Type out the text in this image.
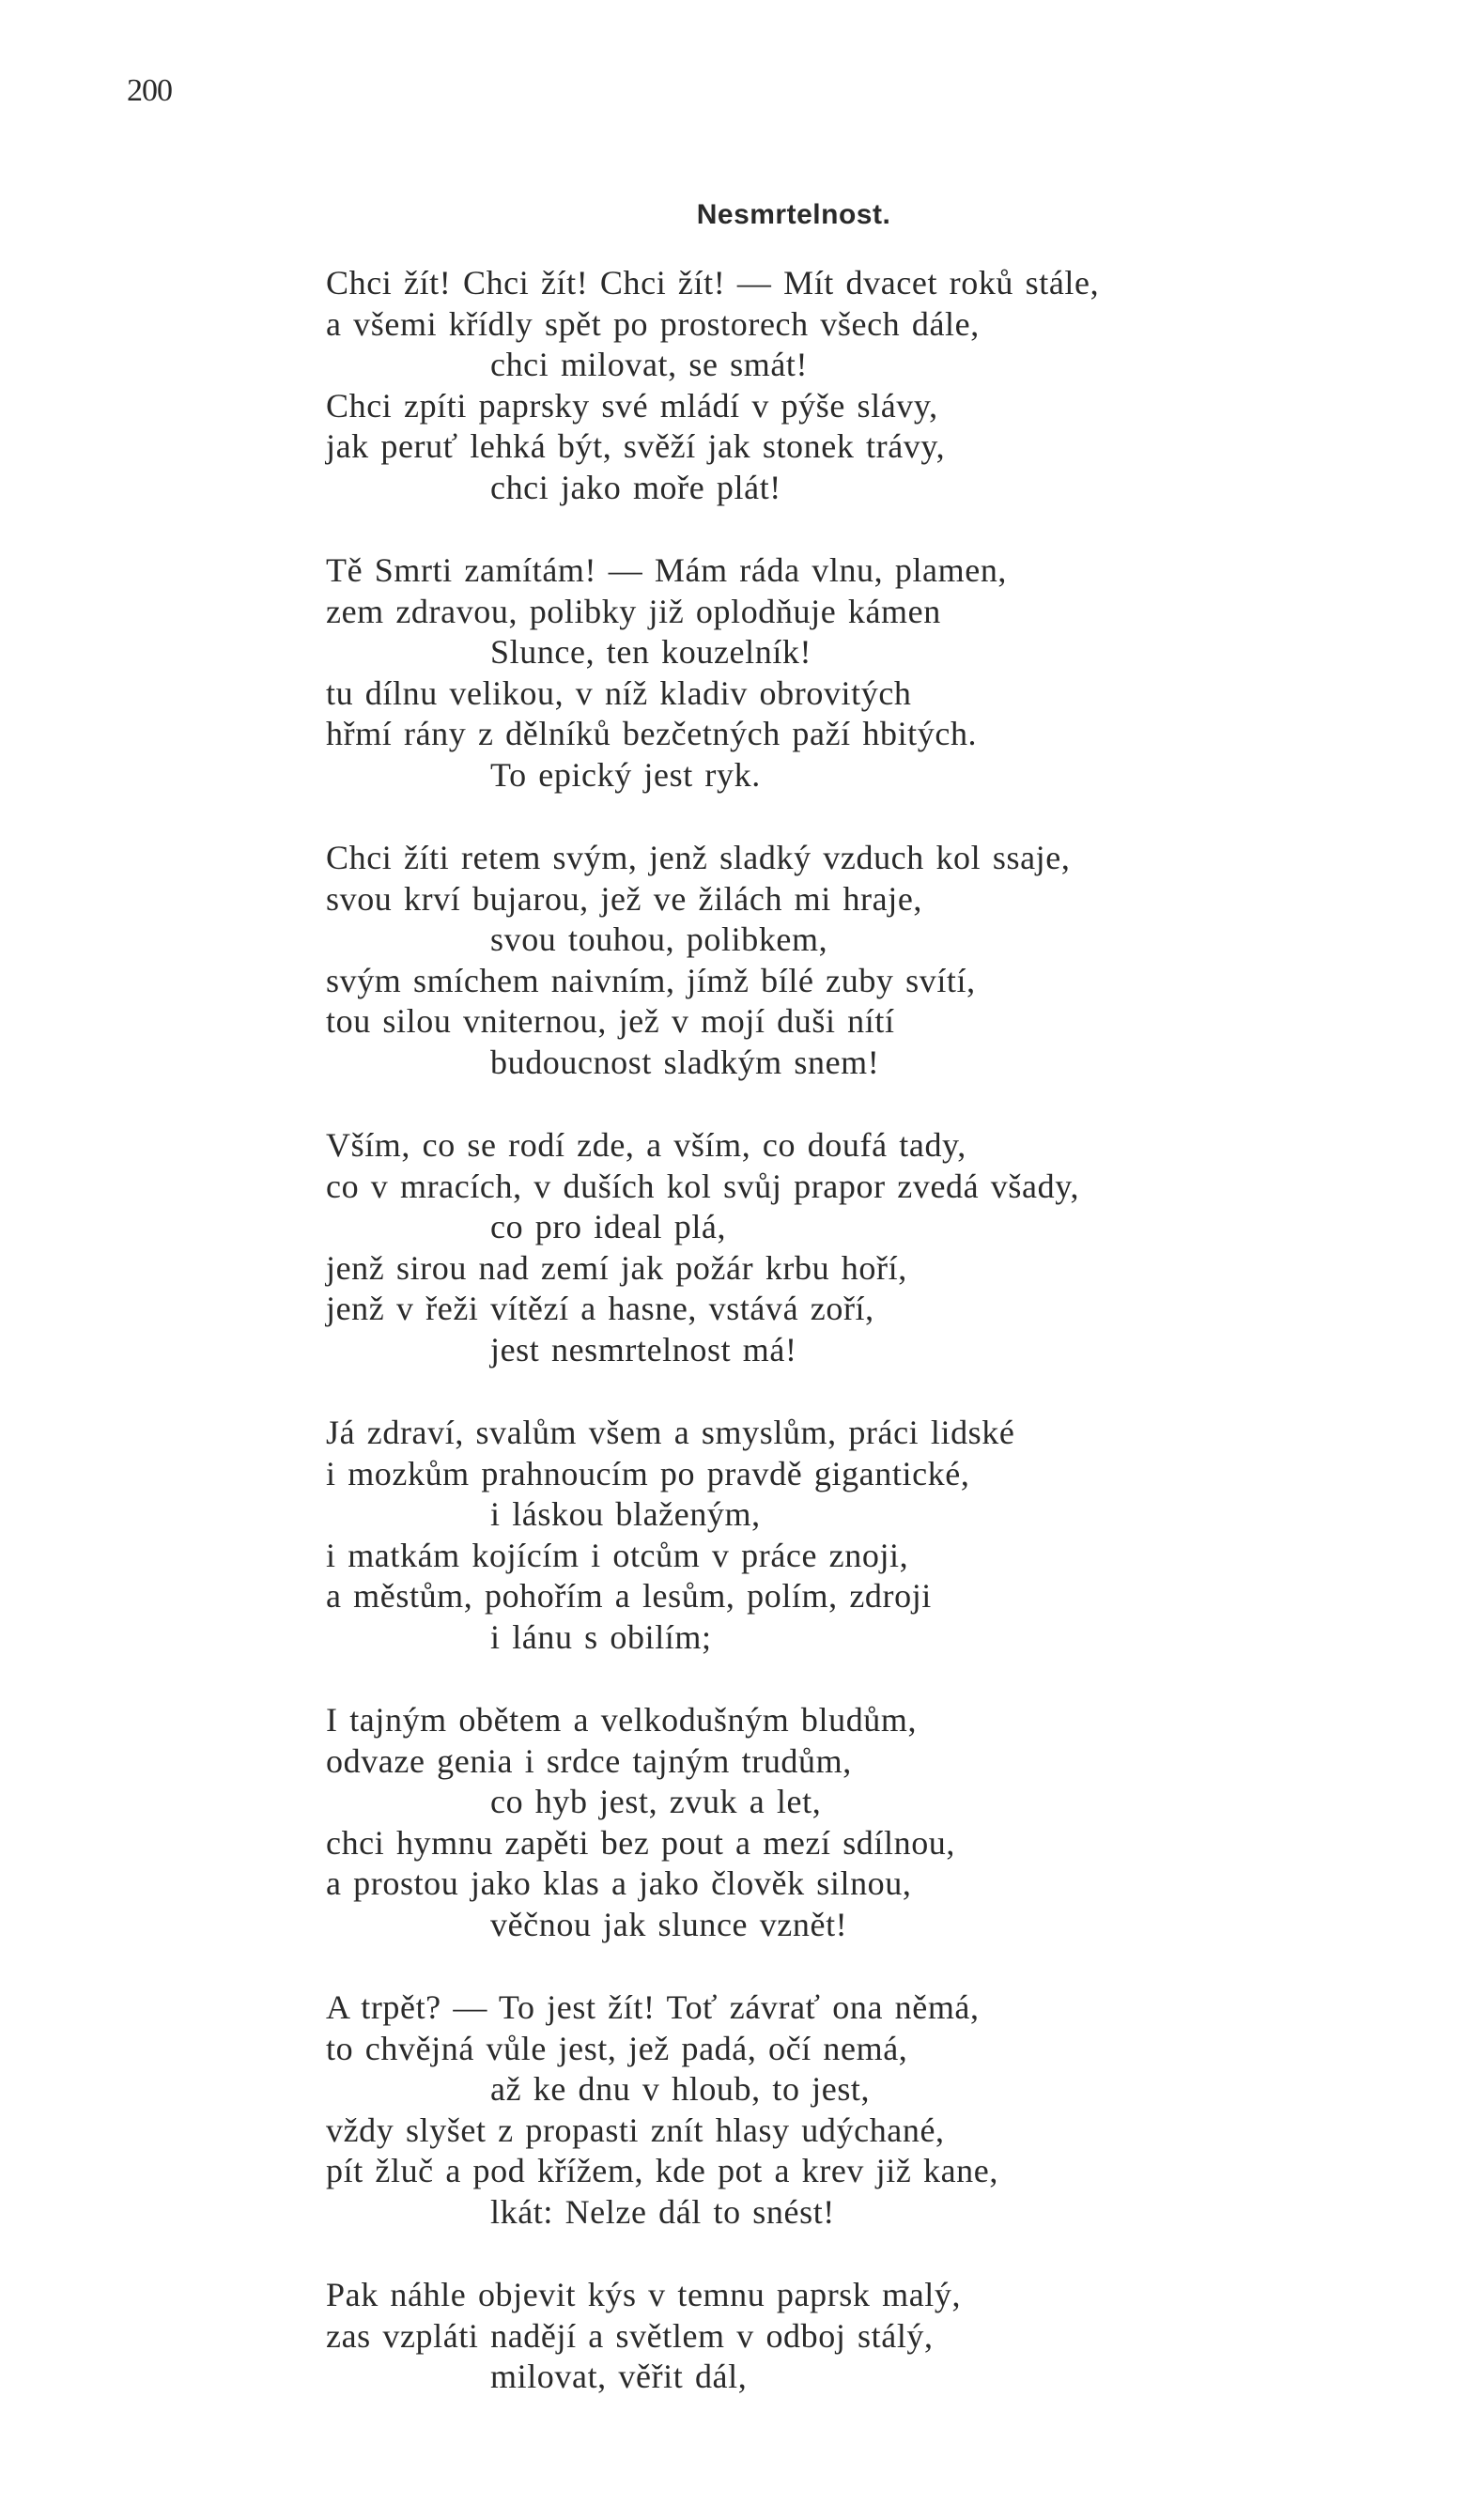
200
Nesmrtelnost.
Chci žít! Chci žít! Chci žít! — Mít dvacet roků stále,
a všemi křídly spět po prostorech všech dále,
chci milovat, se smát!
Chci zpíti paprsky své mládí v pýše slávy,
jak peruť lehká být, svěží jak stonek trávy,
chci jako moře plát!
Tě Smrti zamítám! — Mám ráda vlnu, plamen,
zem zdravou, polibky již oplodňuje kámen
Slunce, ten kouzelník!
tu dílnu velikou, v níž kladiv obrovitých
hřmí rány z dělníků bezčetných paží hbitých.
To epický jest ryk.
Chci žíti retem svým, jenž sladký vzduch kol ssaje,
svou krví bujarou, jež ve žilách mi hraje,
svou touhou, polibkem,
svým smíchem naivním, jímž bílé zuby svítí,
tou silou vniternou, jež v mojí duši nítí
budoucnost sladkým snem!
Vším, co se rodí zde, a vším, co doufá tady,
co v mracích, v duších kol svůj prapor zvedá všady,
co pro ideal plá,
jenž sirou nad zemí jak požár krbu hoří,
jenž v řeži vítězí a hasne, vstává zoří,
jest nesmrtelnost má!
Já zdraví, svalům všem a smyslům, práci lidské
i mozkům prahnoucím po pravdě gigantické,
i láskou blaženým,
i matkám kojícím i otcům v práce znoji,
a městům, pohořím a lesům, polím, zdroji
i lánu s obilím;
I tajným obětem a velkodušným bludům,
odvaze genia i srdce tajným trudům,
co hyb jest, zvuk a let,
chci hymnu zapěti bez pout a mezí sdílnou,
a prostou jako klas a jako člověk silnou,
věčnou jak slunce vznět!
A trpět? — To jest žít! Toť závrať ona němá,
to chvějná vůle jest, jež padá, očí nemá,
až ke dnu v hloub, to jest,
vždy slyšet z propasti znít hlasy udýchané,
pít žluč a pod křížem, kde pot a krev již kane,
lkát: Nelze dál to snést!
Pak náhle objevit kýs v temnu paprsk malý,
zas vzpláti nadějí a světlem v odboj stálý,
milovat, věřit dál,
